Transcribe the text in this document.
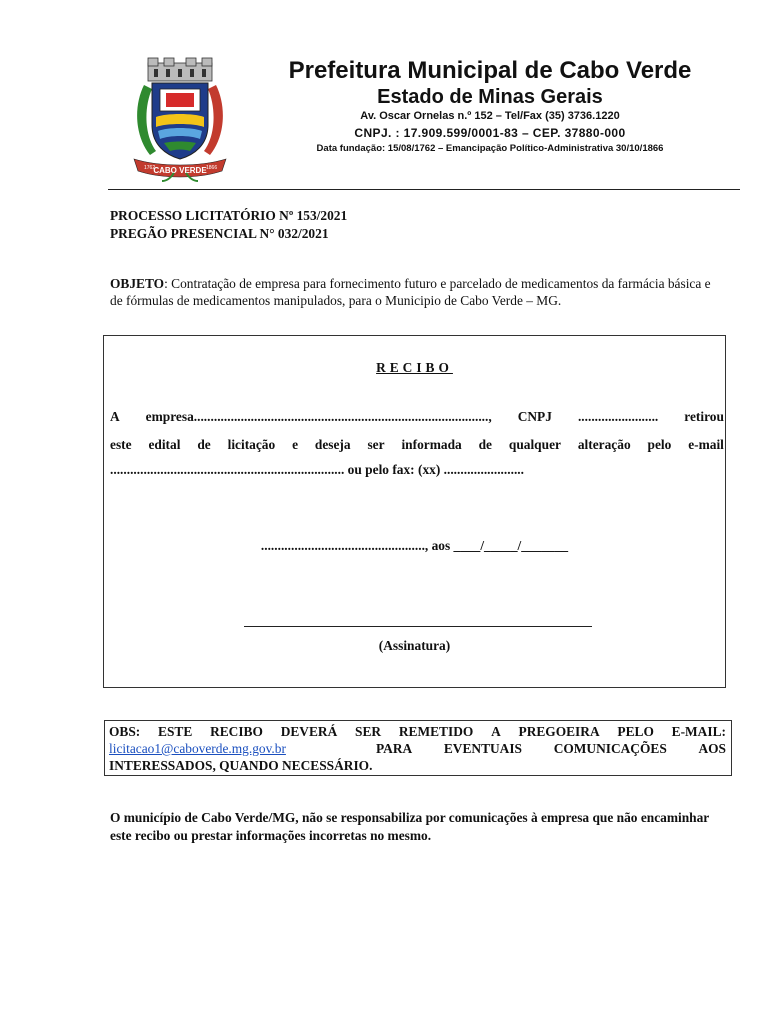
1762
CABO VERDE 1866
Prefeitura Municipal de Cabo Verde
Estado de Minas Gerais
Av. Oscar Ornelas n.º 152 – Tel/Fax (35) 3736.1220
CNPJ. : 17.909.599/0001-83 – CEP. 37880-000
Data fundação: 15/08/1762 – Emancipação Político-Administrativa 30/10/1866
PROCESSO LICITATÓRIO Nº 153/2021
PREGÃO PRESENCIAL N° 032/2021
OBJETO: Contratação de empresa para fornecimento futuro e parcelado de medicamentos da farmácia básica e de fórmulas de medicamentos manipulados, para o Municipio de Cabo Verde – MG.
RECIBO
A empresa........................................................................................, CNPJ ........................ retirou
este edital de licitação e deseja ser informada de qualquer alteração pelo e-mail
...................................................................... ou pelo fax: (xx) ........................
................................................., aos ____/_____/_______
(Assinatura)
OBS: ESTE RECIBO DEVERÁ SER REMETIDO A PREGOEIRA PELO E-MAIL:
licitacao1@caboverde.mg.gov.br	PARA EVENTUAIS COMUNICAÇÕES AOS
INTERESSADOS, QUANDO NECESSÁRIO.
O município de Cabo Verde/MG, não se responsabiliza por comunicações à empresa que não encaminhar este recibo ou prestar informações incorretas no mesmo.
